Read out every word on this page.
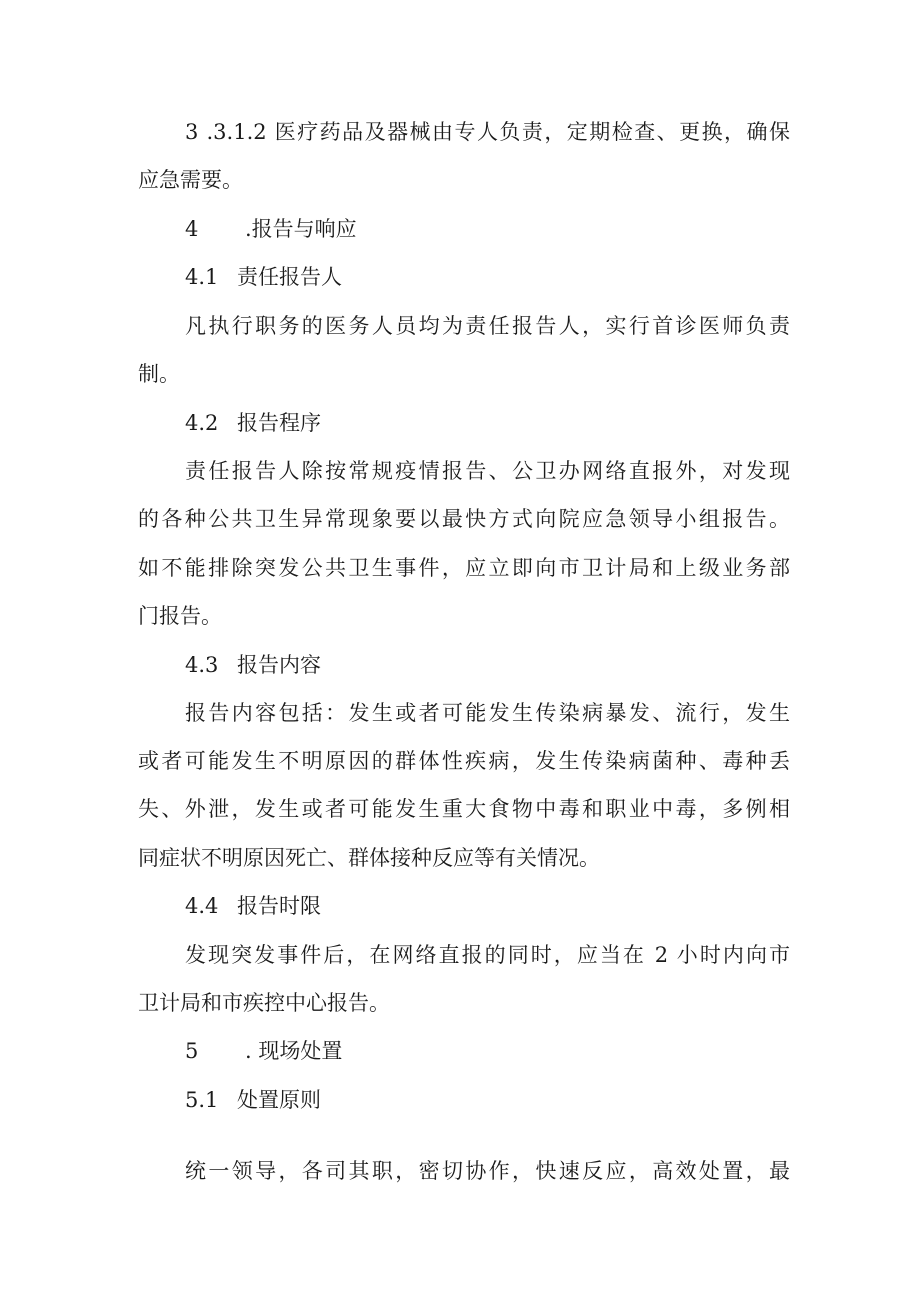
3 .3.1.2 医疗药品及器械由专人负责，定期检查、更换，确保

应急需要。

4 .报告与响应
4.1 责任报告人

凡执行职务的医务人员均为责任报告人，实行首诊医师负责

制。

4.2 报告程序

责任报告人除按常规疫情报告、公卫办网络直报外，对发现

的各种公共卫生异常现象要以最快方式向院应急领导小组报告。

如不能排除突发公共卫生事件，应立即向市卫计局和上级业务部

门报告。

4.3 报告内容

报告内容包括：发生或者可能发生传染病暴发、流行，发生

或者可能发生不明原因的群体性疾病，发生传染病菌种、毒种丢

失、外泄，发生或者可能发生重大食物中毒和职业中毒，多例相

同症状不明原因死亡、群体接种反应等有关情况。

4.4 报告时限

发现突发事件后，在网络直报的同时，应当在 2 小时内向市

卫计局和市疾控中心报告。

5 . 现场处置
5.1 处置原则

统一领导，各司其职，密切协作，快速反应，高效处置，最
